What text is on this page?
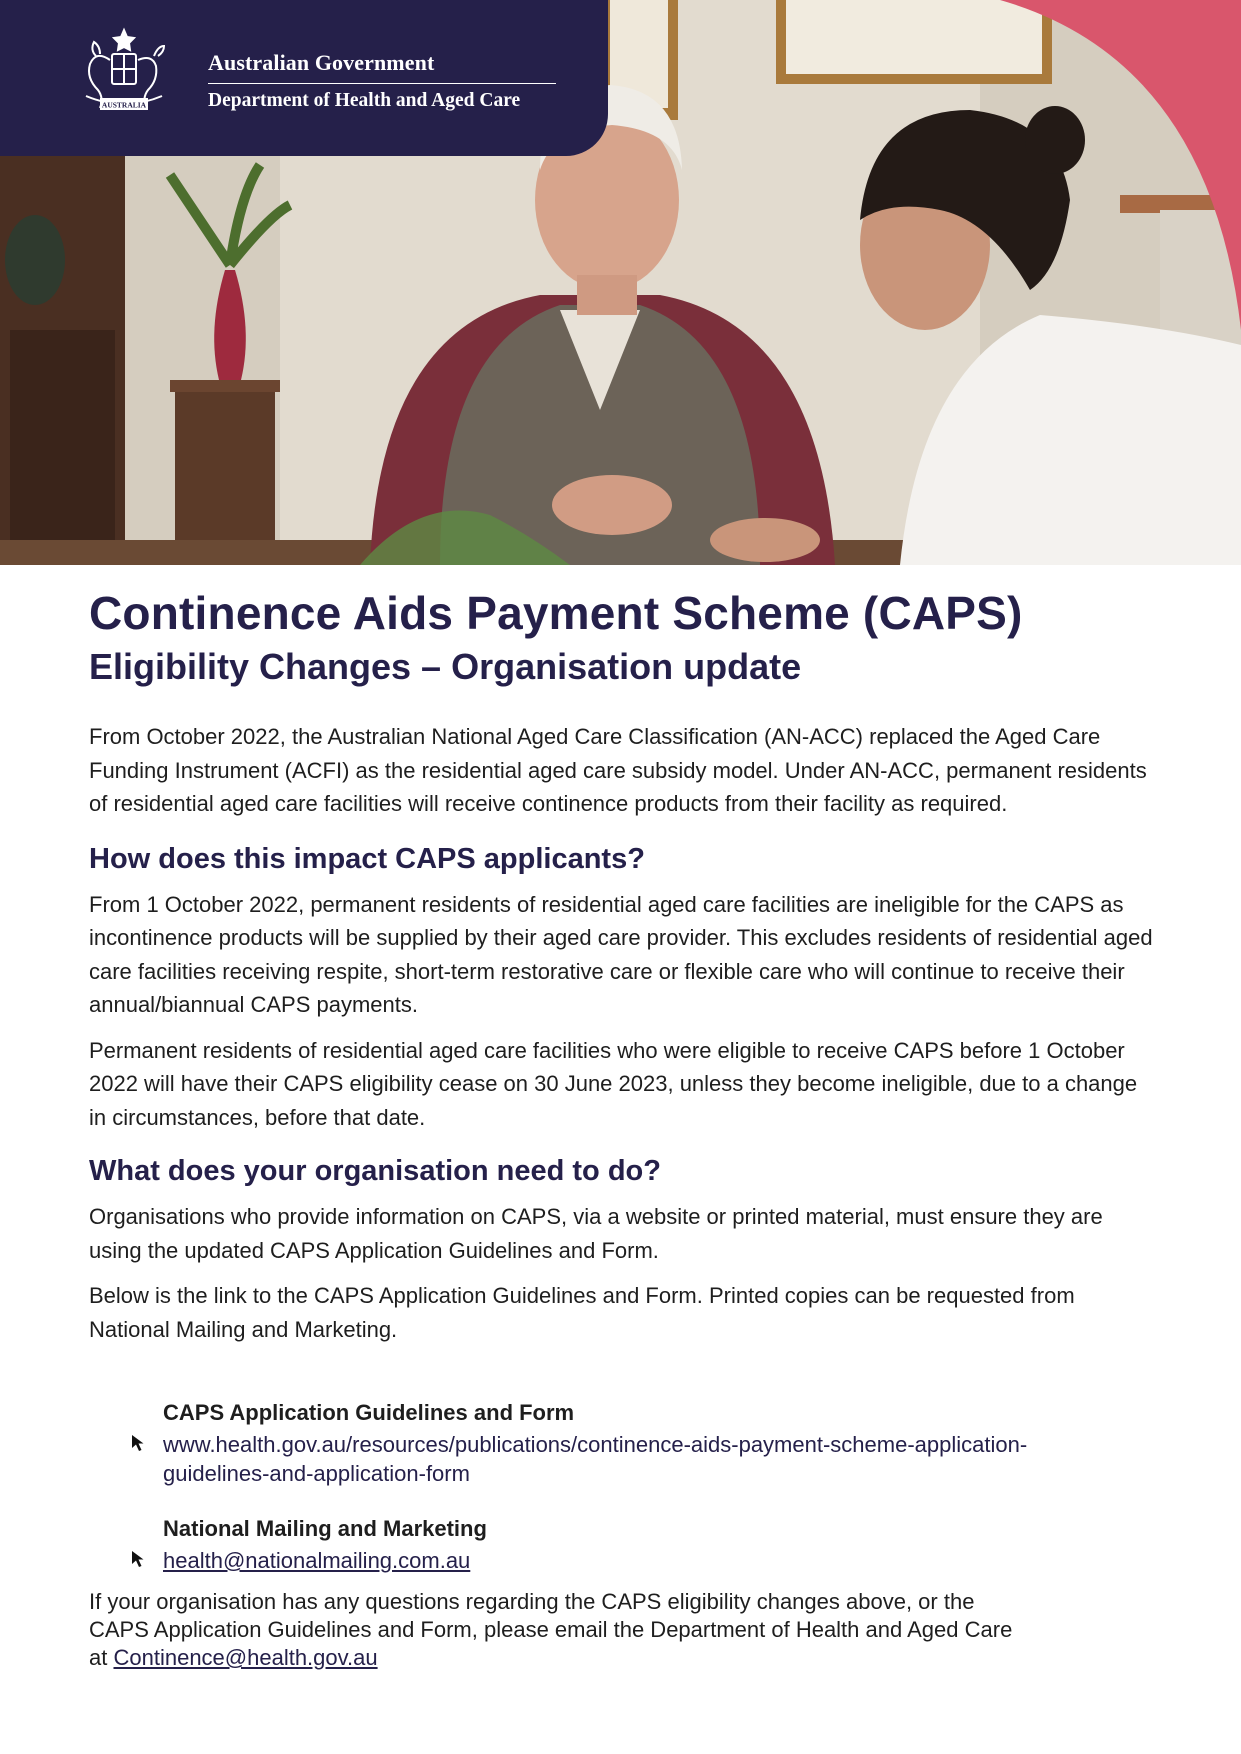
AUSTRALIA
Australian Government
Department of Health and Aged Care
Continence Aids Payment Scheme (CAPS)
Eligibility Changes – Organisation update

From October 2022, the Australian National Aged Care Classification (AN-ACC) replaced the Aged Care Funding Instrument (ACFI) as the residential aged care subsidy model. Under AN-ACC, permanent residents of residential aged care facilities will receive continence products from their facility as required.

How does this impact CAPS applicants?

From 1 October 2022, permanent residents of residential aged care facilities are ineligible for the CAPS as incontinence products will be supplied by their aged care provider. This excludes residents of residential aged care facilities receiving respite, short-term restorative care or flexible care who will continue to receive their annual/biannual CAPS payments.

Permanent residents of residential aged care facilities who were eligible to receive CAPS before 1 October 2022 will have their CAPS eligibility cease on 30 June 2023, unless they become ineligible, due to a change in circumstances, before that date.

What does your organisation need to do?

Organisations who provide information on CAPS, via a website or printed material, must ensure they are using the updated CAPS Application Guidelines and Form.

Below is the link to the CAPS Application Guidelines and Form. Printed copies can be requested from National Mailing and Marketing.

CAPS Application Guidelines and Form
www.health.gov.au/resources/publications/continence-aids-payment-scheme-application-
guidelines-and-application-form
National Mailing and Marketing
health@nationalmailing.com.au

If your organisation has any questions regarding the CAPS eligibility changes above, or the
CAPS Application Guidelines and Form, please email the Department of Health and Aged Care
at Continence@health.gov.au
